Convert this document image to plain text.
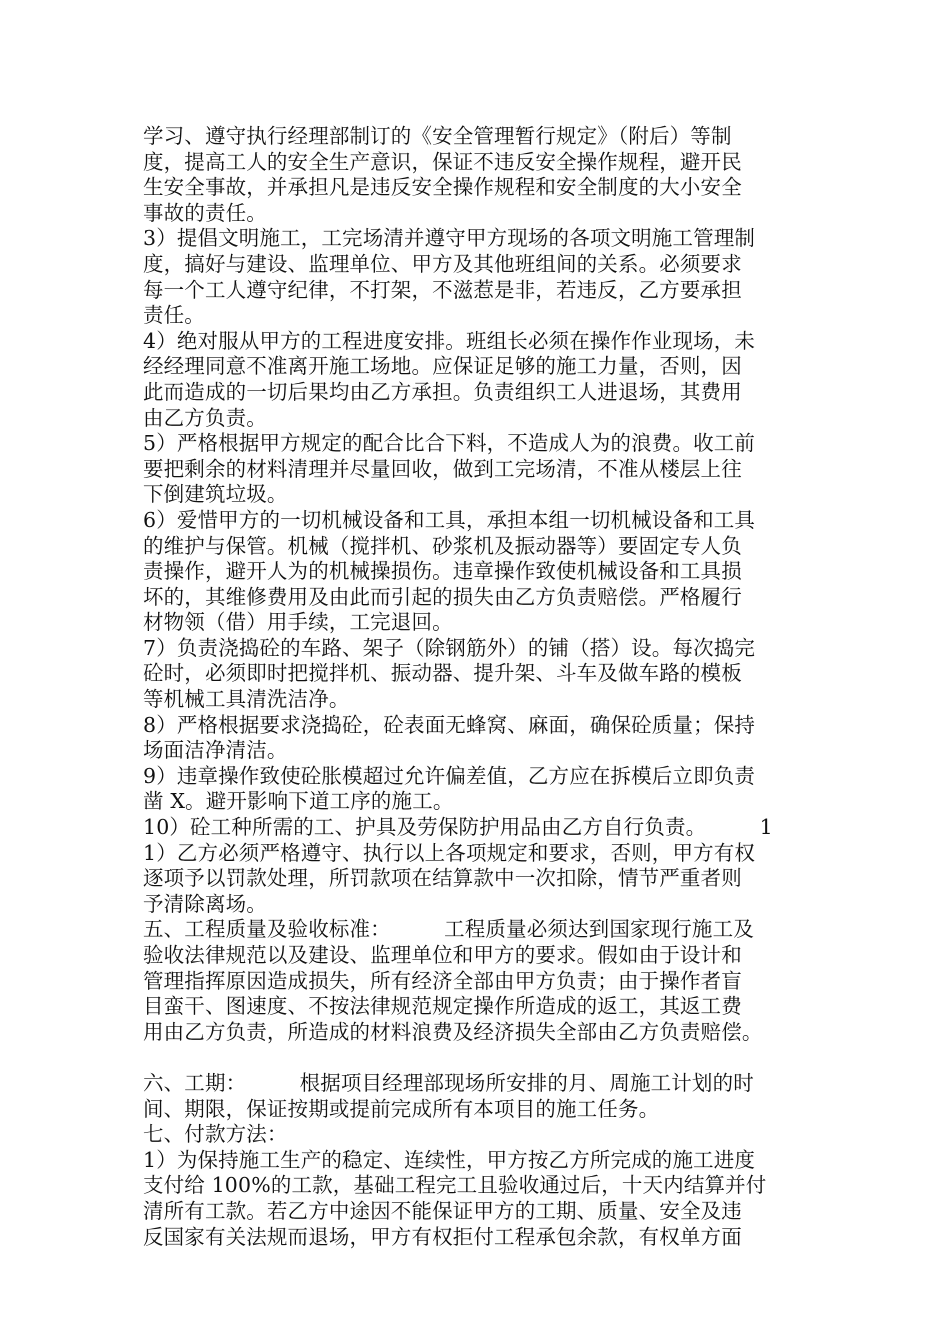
学习、遵守执行经理部制订的《安全管理暂行规定》（附后）等制
度，提高工人的安全生产意识，保证不违反安全操作规程，避开民
生安全事故，并承担凡是违反安全操作规程和安全制度的大小安全
事故的责任。
3）提倡文明施工，工完场清并遵守甲方现场的各项文明施工管理制
度，搞好与建设、监理单位、甲方及其他班组间的关系。必须要求
每一个工人遵守纪律，不打架，不滋惹是非，若违反，乙方要承担
责任。
4）绝对服从甲方的工程进度安排。班组长必须在操作作业现场，未
经经理同意不准离开施工场地。应保证足够的施工力量，否则，因
此而造成的一切后果均由乙方承担。负责组织工人进退场，其费用
由乙方负责。
5）严格根据甲方规定的配合比合下料，不造成人为的浪费。收工前
要把剩余的材料清理并尽量回收，做到工完场清，不准从楼层上往
下倒建筑垃圾。
6）爱惜甲方的一切机械设备和工具，承担本组一切机械设备和工具
的维护与保管。机械（搅拌机、砂浆机及振动器等）要固定专人负
责操作，避开人为的机械操损伤。违章操作致使机械设备和工具损
坏的，其维修费用及由此而引起的损失由乙方负责赔偿。严格履行
材物领（借）用手续，工完退回。
7）负责浇捣砼的车路、架子（除钢筋外）的铺（搭）设。每次捣完
砼时，必须即时把搅拌机、振动器、提升架、斗车及做车路的模板
等机械工具清洗洁净。
8）严格根据要求浇捣砼，砼表面无蜂窝、麻面，确保砼质量；保持
场面洁净清洁。
9）违章操作致使砼胀模超过允许偏差值，乙方应在拆模后立即负责
凿 X。避开影响下道工序的施工。
10）砼工种所需的工、护具及劳保防护用品由乙方自行负责。        1
1）乙方必须严格遵守、执行以上各项规定和要求，否则，甲方有权
逐项予以罚款处理，所罚款项在结算款中一次扣除，情节严重者则
予清除离场。
五、工程质量及验收标准：        工程质量必须达到国家现行施工及
验收法律规范以及建设、监理单位和甲方的要求。假如由于设计和
管理指挥原因造成损失，所有经济全部由甲方负责；由于操作者盲
目蛮干、图速度、不按法律规范规定操作所造成的返工，其返工费
用由乙方负责，所造成的材料浪费及经济损失全部由乙方负责赔偿。
六、工期：        根据项目经理部现场所安排的月、周施工计划的时
间、期限，保证按期或提前完成所有本项目的施工任务。
七、付款方法：
1）为保持施工生产的稳定、连续性，甲方按乙方所完成的施工进度
支付给 100%的工款，基础工程完工且验收通过后，十天内结算并付
清所有工款。若乙方中途因不能保证甲方的工期、质量、安全及违
反国家有关法规而退场，甲方有权拒付工程承包余款，有权单方面
